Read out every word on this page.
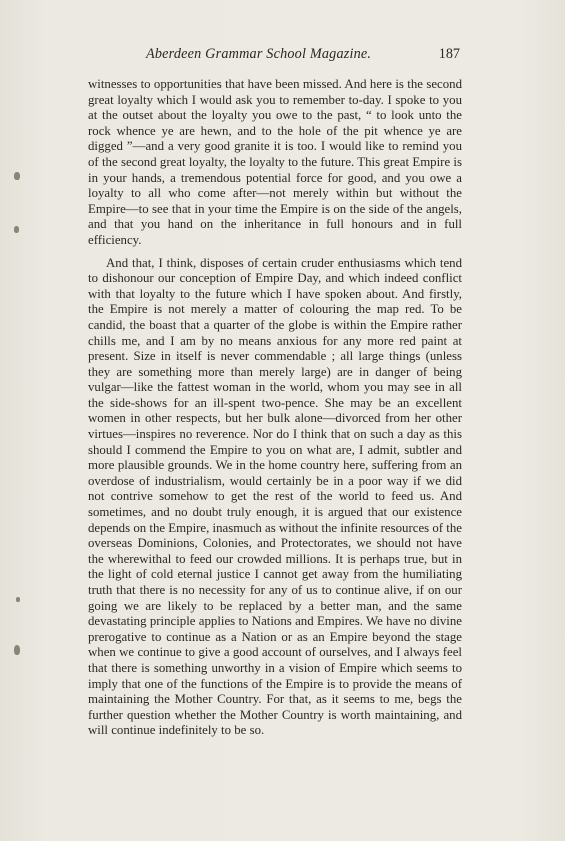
Aberdeen Grammar School Magazine.	187

witnesses to opportunities that have been missed. And here is the second great loyalty which I would ask you to remember to-day. I spoke to you at the outset about the loyalty you owe to the past, “ to look unto the rock whence ye are hewn, and to the hole of the pit whence ye are digged ”—and a very good granite it is too. I would like to remind you of the second great loyalty, the loyalty to the future. This great Empire is in your hands, a tremendous potential force for good, and you owe a loyalty to all who come after—not merely within but without the Empire—to see that in your time the Empire is on the side of the angels, and that you hand on the inheritance in full honours and in full efficiency.

And that, I think, disposes of certain cruder enthusiasms which tend to dishonour our conception of Empire Day, and which indeed conflict with that loyalty to the future which I have spoken about. And firstly, the Empire is not merely a matter of colouring the map red. To be candid, the boast that a quarter of the globe is within the Empire rather chills me, and I am by no means anxious for any more red paint at present. Size in itself is never commendable ; all large things (unless they are something more than merely large) are in danger of being vulgar—like the fattest woman in the world, whom you may see in all the side-shows for an ill-spent two-pence. She may be an excellent women in other respects, but her bulk alone—divorced from her other virtues—inspires no reverence. Nor do I think that on such a day as this should I commend the Empire to you on what are, I admit, subtler and more plausible grounds. We in the home country here, suffering from an overdose of industrialism, would certainly be in a poor way if we did not contrive somehow to get the rest of the world to feed us. And sometimes, and no doubt truly enough, it is argued that our existence depends on the Empire, inasmuch as without the infinite resources of the overseas Dominions, Colonies, and Protectorates, we should not have the wherewithal to feed our crowded millions. It is perhaps true, but in the light of cold eternal justice I cannot get away from the humiliating truth that there is no necessity for any of us to continue alive, if on our going we are likely to be replaced by a better man, and the same devastating principle applies to Nations and Empires. We have no divine prerogative to continue as a Nation or as an Empire beyond the stage when we continue to give a good account of ourselves, and I always feel that there is something unworthy in a vision of Empire which seems to imply that one of the functions of the Empire is to provide the means of maintaining the Mother Country. For that, as it seems to me, begs the further question whether the Mother Country is worth maintaining, and will continue indefinitely to be so.
